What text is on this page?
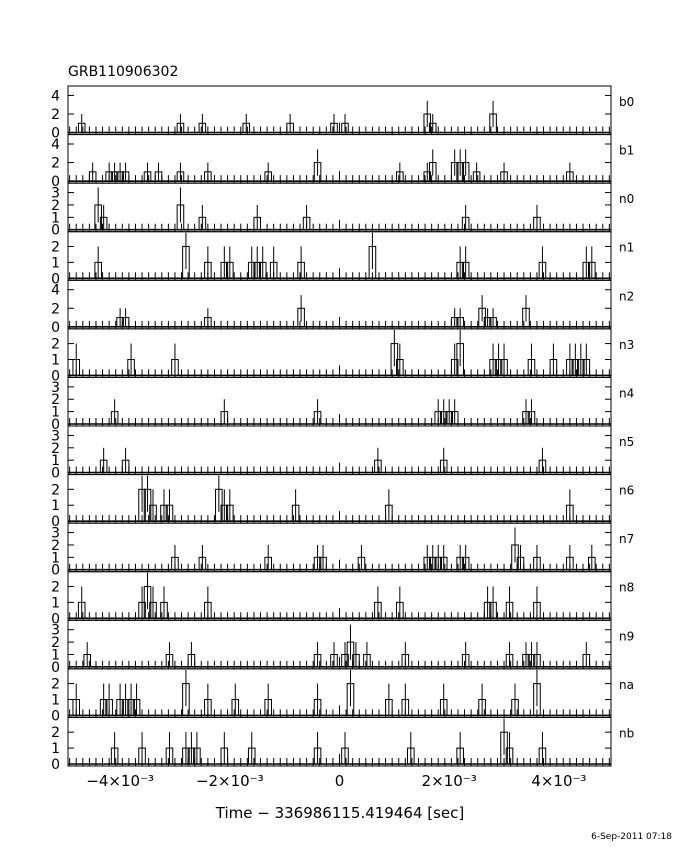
GRB110906302
0
2
4	b0
0
2
4	b1
0
1
2
3	n0
0
1
2	n1
0
2
4	n2
0
1
2	n3
0
1
2
3	n4
0
1
2
3	n5
0
1
2	n6
0
1
2
3	n7
0
1
2	n8
0
1
2
3	n9
0
1
2	na
0
1
2	nb
−4×10⁻³	−2×10⁻³	0	2×10⁻³	4×10⁻³
Time − 336986115.419464 [sec]
6-Sep-2011 07:18
